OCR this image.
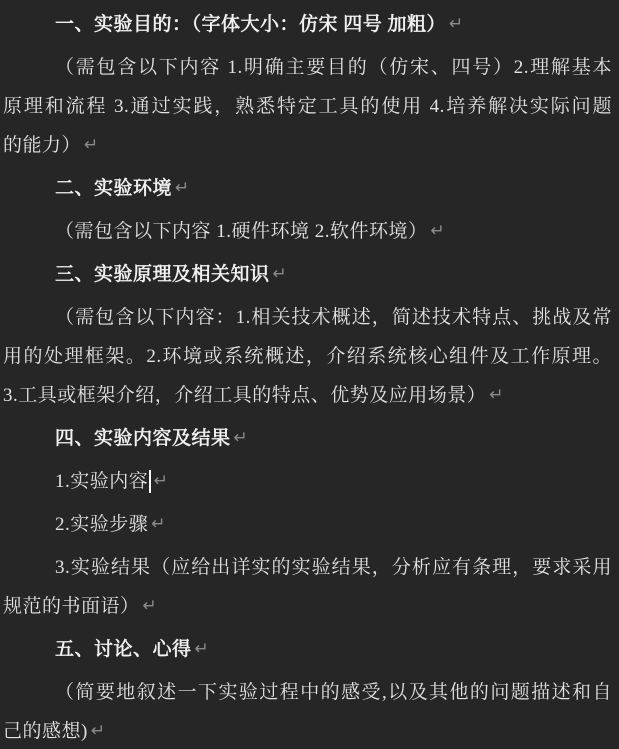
一、实验目的：（字体大小：仿宋 四号 加粗） ↵
（需包含以下内容 1.明确主要目的（仿宋、四号）2.理解基本
原理和流程 3.通过实践，熟悉特定工具的使用 4.培养解决实际问题
的能力） ↵
二、实验环境 ↵
（需包含以下内容 1.硬件环境 2.软件环境） ↵
三、实验原理及相关知识 ↵
（需包含以下内容：1.相关技术概述，简述技术特点、挑战及常
用的处理框架。2.环境或系统概述，介绍系统核心组件及工作原理。
3.工具或框架介绍，介绍工具的特点、优势及应用场景） ↵
四、实验内容及结果 ↵
1.实验内容 ↵
2.实验步骤 ↵
3.实验结果（应给出详实的实验结果，分析应有条理，要求采用
规范的书面语） ↵
五、讨论、心得 ↵
（简要地叙述一下实验过程中的感受,以及其他的问题描述和自
己的感想) ↵
